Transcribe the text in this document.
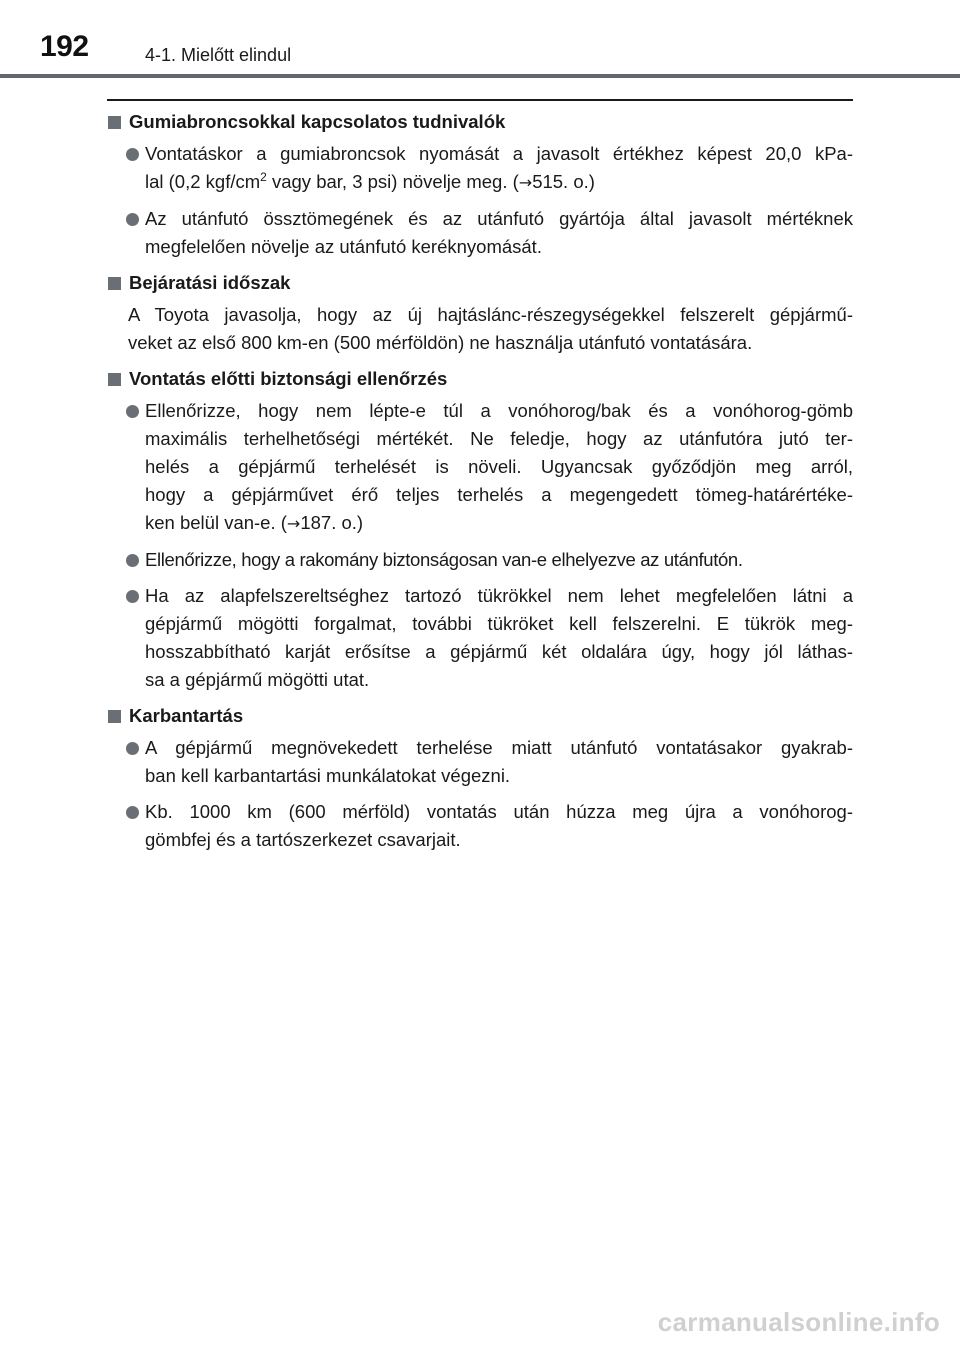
192	4-1. Mielőtt elindul
Gumiabroncsokkal kapcsolatos tudnivalók
Vontatáskor a gumiabroncsok nyomását a javasolt értékhez képest 20,0 kPa-
lal (0,2 kgf/$cm^2$ vagy bar, 3 psi) növelje meg. (→515. o.)
Az utánfutó össztömegének és az utánfutó gyártója által javasolt mértéknek
megfelelően növelje az utánfutó keréknyomását.
Bejáratási időszak
A Toyota javasolja, hogy az új hajtáslánc-részegységekkel felszerelt gépjármű-
veket az első 800 km-en (500 mérföldön) ne használja utánfutó vontatására.
Vontatás előtti biztonsági ellenőrzés
Ellenőrizze, hogy nem lépte-e túl a vonóhorog/bak és a vonóhorog-gömb
maximális terhelhetőségi mértékét. Ne feledje, hogy az utánfutóra jutó ter-
helés a gépjármű terhelését is növeli. Ugyancsak győződjön meg arról,
hogy a gépjárművet érő teljes terhelés a megengedett tömeg-határértéke-
ken belül van-e. (→187. o.)
Ellenőrizze, hogy a rakomány biztonságosan van-e elhelyezve az utánfutón.
Ha az alapfelszereltséghez tartozó tükrökkel nem lehet megfelelően látni a
gépjármű mögötti forgalmat, további tükröket kell felszerelni. E tükrök meg-
hosszabbítható karját erősítse a gépjármű két oldalára úgy, hogy jól láthas-
sa a gépjármű mögötti utat.
Karbantartás
A gépjármű megnövekedett terhelése miatt utánfutó vontatásakor gyakrab-
ban kell karbantartási munkálatokat végezni.
Kb. 1000 km (600 mérföld) vontatás után húzza meg újra a vonóhorog-
gömbfej és a tartószerkezet csavarjait.
carmanualsonline.info
